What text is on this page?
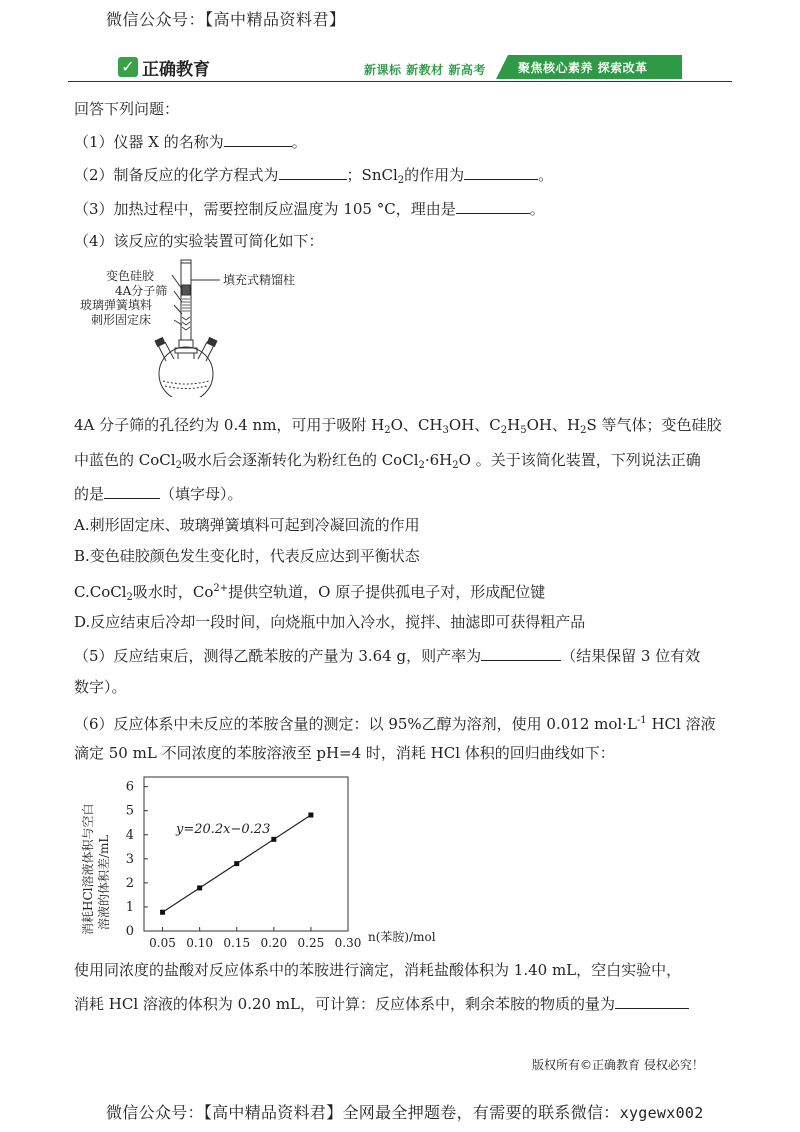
微信公众号：【高中精品资料君】
✓ 正确教育	新课标 新教材 新高考	聚焦核心素养 探索改革
回答下列问题：
（1）仪器 X 的名称为	。
（2）制备反应的化学方程式为	；SnCl$_2$的作用为	。
（3）加热过程中，需要控制反应温度为 105 °C，理由是	。
（4）该反应的实验装置可简化如下：
变色硅胶
4A分子筛
玻璃弹簧填料
刺形固定床
填充式精馏柱
4A 分子筛的孔径约为 0.4 nm，可用于吸附 $H_2O$、$CH_3OH$、$C_2H_5OH$、$H_2S$ 等气体；变色硅胶
中蓝色的 CoCl$_2$吸水后会逐渐转化为粉红色的 $CoCl_2\cdot 6H_2O$ 。关于该简化装置，下列说法正确
的是	（填字母）。
A.刺形固定床、玻璃弹簧填料可起到冷凝回流的作用
B.变色硅胶颜色发生变化时，代表反应达到平衡状态
C.CoCl$_2$吸水时，$Co^{2+}$提供空轨道，O 原子提供孤电子对，形成配位键
D.反应结束后冷却一段时间，向烧瓶中加入冷水，搅拌、抽滤即可获得粗产品
（5）反应结束后，测得乙酰苯胺的产量为 3.64 g，则产率为	（结果保留 3 位有效
数字）。
（6）反应体系中未反应的苯胺含量的测定：以 95%乙醇为溶剂，使用 0.012 $mol\cdot L^{-1}$ HCl 溶液
滴定 50 mL 不同浓度的苯胺溶液至 pH=4 时，消耗 HCl 体积的回归曲线如下：
消耗HCl溶液体积与空白 溶液的体积差/mL
0
1
2
3
4
5
6
0.05 0.10 0.15 0.20 0.25 0.30
y=20.2x−0.23
n(苯胺)/mol
使用同浓度的盐酸对反应体系中的苯胺进行滴定，消耗盐酸体积为 1.40 mL，空白实验中，
消耗 HCl 溶液的体积为 0.20 mL，可计算：反应体系中，剩余苯胺的物质的量为
版权所有©正确教育 侵权必究！
微信公众号：【高中精品资料君】全网最全押题卷，有需要的联系微信：xygewx002
